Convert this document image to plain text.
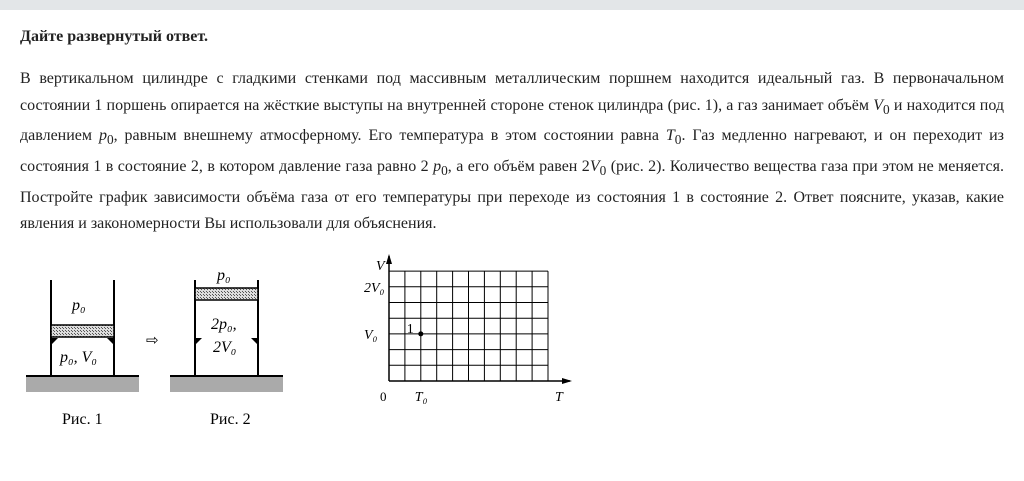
Дайте развернутый ответ.
В вертикальном цилиндре с гладкими стенками под массивным металлическим поршнем находится идеальный газ. В первоначальном состоянии 1 поршень опирается на жёсткие выступы на внутренней стороне стенок цилиндра (рис. 1), а газ занимает объём $V_0$ и находится под давлением $p_0$, равным внешнему атмосферному. Его температура в этом состоянии равна $T_0$. Газ медленно нагревают, и он переходит из состояния 1 в состояние 2, в котором давление газа равно 2 $p_0$, а его объём равен $2V_0$ (рис. 2). Количество вещества газа при этом не меняется. Постройте график зависимости объёма газа от его температуры при переходе из состояния 1 в состояние 2. Ответ поясните, указав, какие явления и закономерности Вы использовали для объяснения.
p₀
p₀, V₀
Рис. 1
⇨
p₀
2p₀,
2V₀
Рис. 2
V
T
0 T₀
V₀
2V₀
1
